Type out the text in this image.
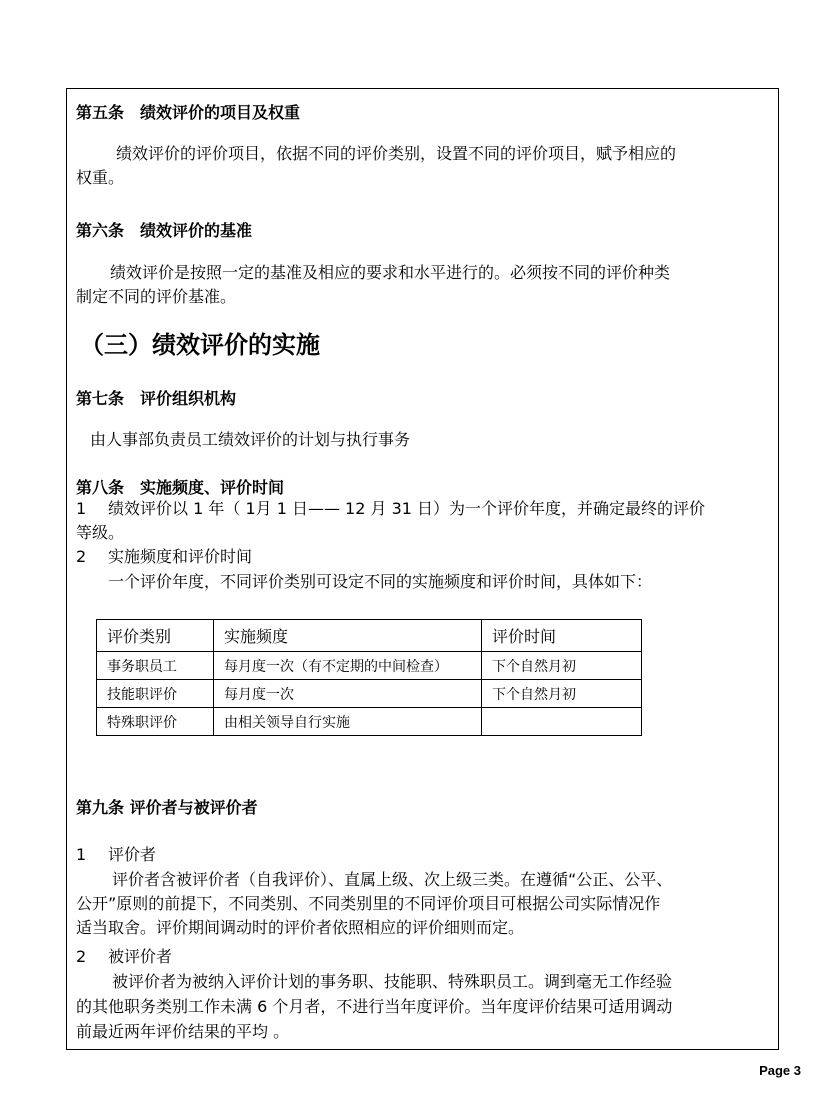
第五条　绩效评价的项目及权重
绩效评价的评价项目，依据不同的评价类别，设置不同的评价项目，赋予相应的
权重。
第六条　绩效评价的基准
绩效评价是按照一定的基准及相应的要求和水平进行的。必须按不同的评价种类
制定不同的评价基准。
（三）绩效评价的实施
第七条　评价组织机构
由人事部负责员工绩效评价的计划与执行事务
第八条　实施频度、评价时间
1 绩效评价以 1 年（ 1月 1 日—— 12 月 31 日）为一个评价年度，并确定最终的评价
等级。
2 实施频度和评价时间
一个评价年度，不同评价类别可设定不同的实施频度和评价时间，具体如下：
评价类别	实施频度	评价时间
事务职员工	每月度一次（有不定期的中间检查）	下个自然月初
技能职评价	每月度一次	下个自然月初
特殊职评价	由相关领导自行实施	
第九条 评价者与被评价者
1 评价者
评价者含被评价者（自我评价）、直属上级、次上级三类。在遵循“公正、公平、
公开”原则的前提下，不同类别、不同类别里的不同评价项目可根据公司实际情况作
适当取舍。评价期间调动时的评价者依照相应的评价细则而定。
2 被评价者
被评价者为被纳入评价计划的事务职、技能职、特殊职员工。调到毫无工作经验
的其他职务类别工作未满 6 个月者，不进行当年度评价。当年度评价结果可适用调动
前最近两年评价结果的平均 。
Page 3
